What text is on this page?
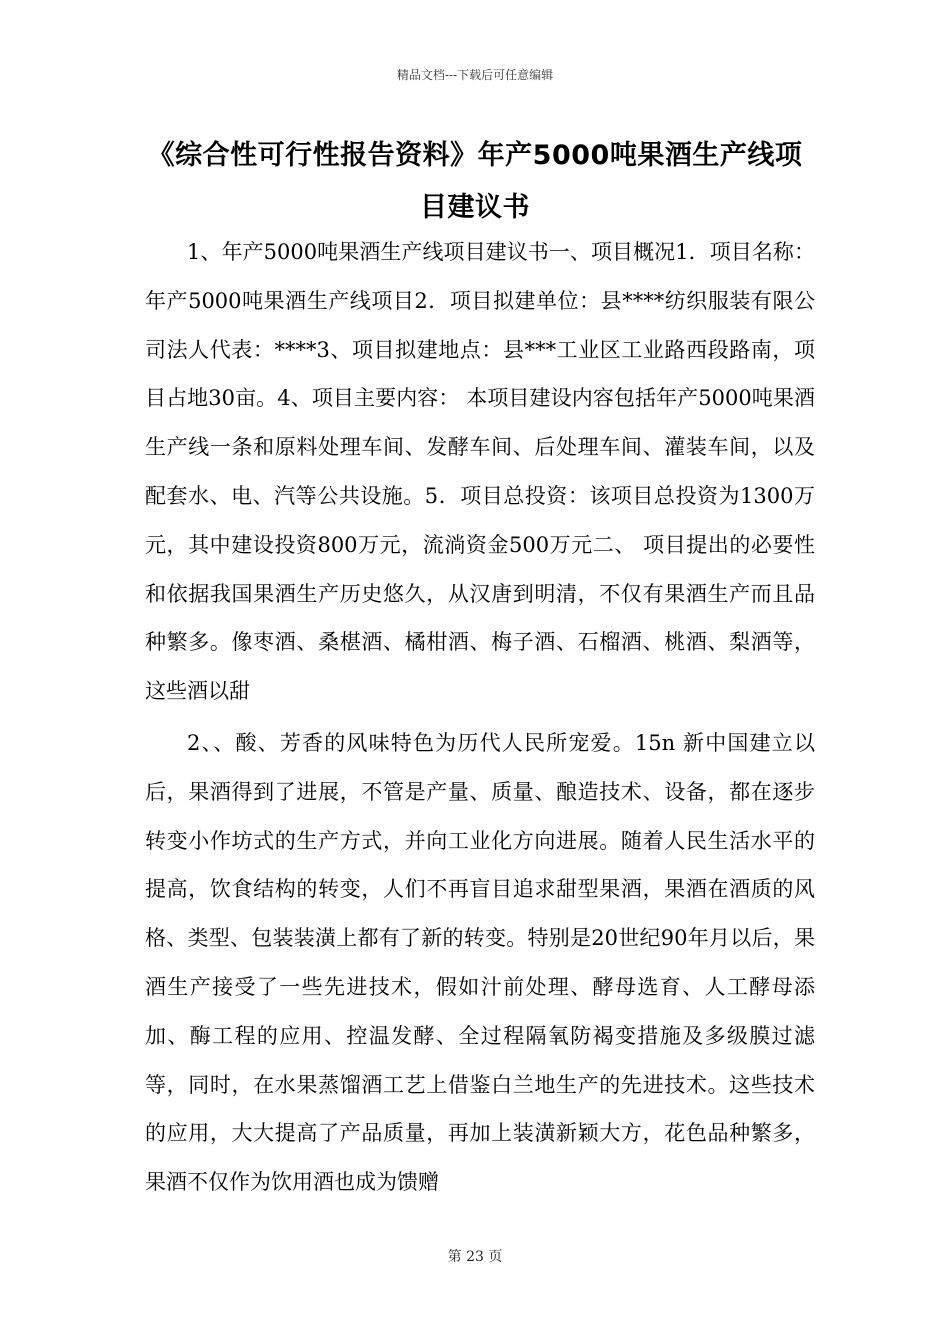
精品文档---下载后可任意编辑
《综合性可行性报告资料》年产5000吨果酒生产线项目建议书

1、年产5000吨果酒生产线项目建议书一、项目概况1．项目名称：年产5000吨果酒生产线项目2．项目拟建单位：县****纺织服装有限公司法人代表：****3、项目拟建地点：县***工业区工业路西段路南，项目占地30亩。4、项目主要内容： 本项目建设内容包括年产5000吨果酒生产线一条和原料处理车间、发酵车间、后处理车间、灌装车间，以及配套水、电、汽等公共设施。5．项目总投资：该项目总投资为1300万元，其中建设投资800万元，流淌资金500万元二、 项目提出的必要性和依据我国果酒生产历史悠久，从汉唐到明清，不仅有果酒生产而且品种繁多。像枣酒、桑椹酒、橘柑酒、梅子酒、石榴酒、桃酒、梨酒等，这些酒以甜

2、、酸、芳香的风味特色为历代人民所宠爱。15n 新中国建立以后，果酒得到了进展，不管是产量、质量、酿造技术、设备，都在逐步转变小作坊式的生产方式，并向工业化方向进展。随着人民生活水平的提高，饮食结构的转变，人们不再盲目追求甜型果酒，果酒在酒质的风格、类型、包装装潢上都有了新的转变。特别是20世纪90年月以后，果酒生产接受了一些先进技术，假如汁前处理、酵母选育、人工酵母添加、酶工程的应用、控温发酵、全过程隔氧防褐变措施及多级膜过滤等，同时，在水果蒸馏酒工艺上借鉴白兰地生产的先进技术。这些技术的应用，大大提高了产品质量，再加上装潢新颖大方，花色品种繁多，果酒不仅作为饮用酒也成为馈赠

第 23 页
